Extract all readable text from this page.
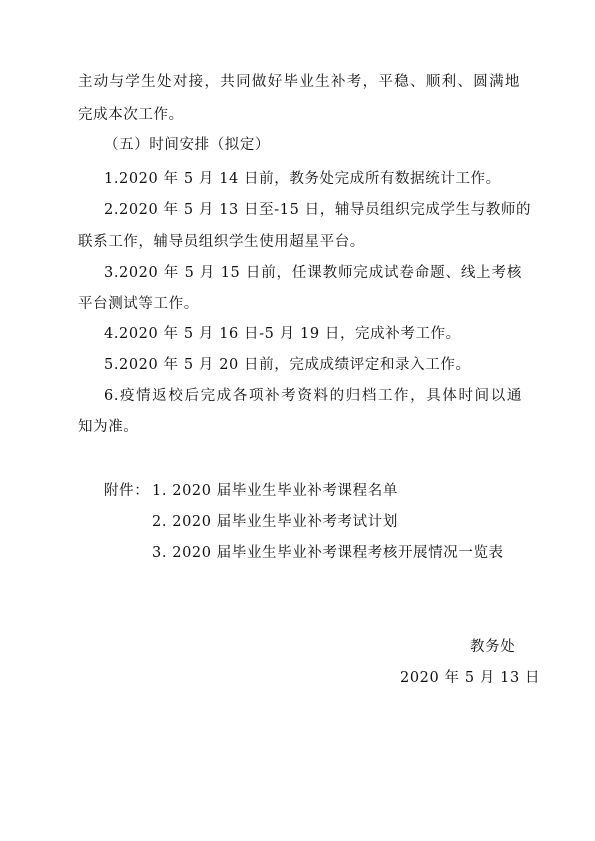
主动与学生处对接，共同做好毕业生补考，平稳、顺利、圆满地
完成本次工作。
（五）时间安排（拟定）
1.2020 年 5 月 14 日前，教务处完成所有数据统计工作。
2.2020 年 5 月 13 日至-15 日，辅导员组织完成学生与教师的
联系工作，辅导员组织学生使用超星平台。
3.2020 年 5 月 15 日前，任课教师完成试卷命题、线上考核
平台测试等工作。
4.2020 年 5 月 16 日-5 月 19 日，完成补考工作。
5.2020 年 5 月 20 日前，完成成绩评定和录入工作。
6.疫情返校后完成各项补考资料的归档工作，具体时间以通
知为准。
附件： 1. 2020 届毕业生毕业补考课程名单
2. 2020 届毕业生毕业补考考试计划
3. 2020 届毕业生毕业补考课程考核开展情况一览表
教务处
2020 年 5 月 13 日
